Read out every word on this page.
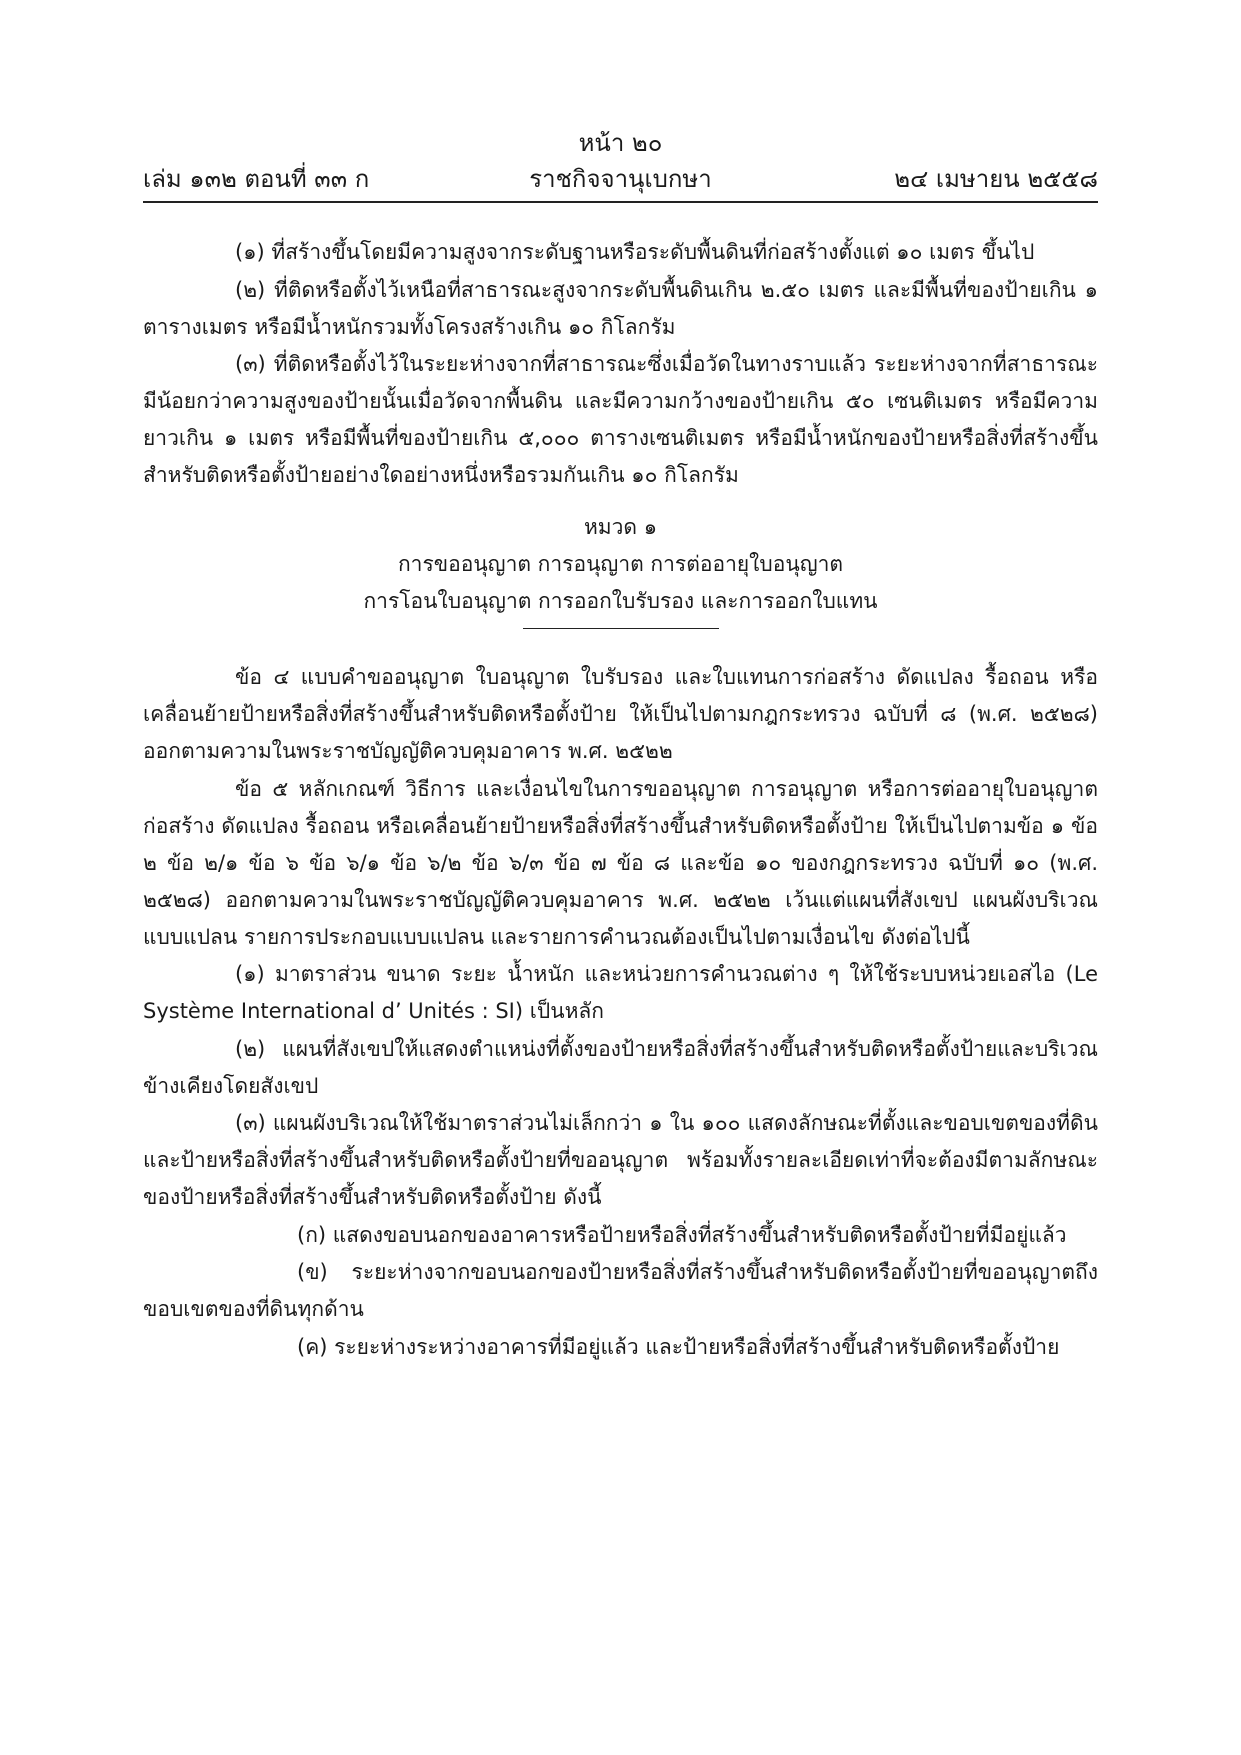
หน้า ๒๐
เล่ม ๑๓๒ ตอนที่ ๓๓ ก	ราชกิจจานุเบกษา	๒๔ เมษายน ๒๕๕๘

(๑) ที่สร้างขึ้นโดยมีความสูงจากระดับฐานหรือระดับพื้นดินที่ก่อสร้างตั้งแต่ ๑๐ เมตร ขึ้นไป

(๒) ที่ติดหรือตั้งไว้เหนือที่สาธารณะสูงจากระดับพื้นดินเกิน ๒.๕๐ เมตร และมีพื้นที่ของป้ายเกิน ๑ ตารางเมตร หรือมีน้ำหนักรวมทั้งโครงสร้างเกิน ๑๐ กิโลกรัม

(๓) ที่ติดหรือตั้งไว้ในระยะห่างจากที่สาธารณะซึ่งเมื่อวัดในทางราบแล้ว ระยะห่างจากที่สาธารณะมีน้อยกว่าความสูงของป้ายนั้นเมื่อวัดจากพื้นดิน และมีความกว้างของป้ายเกิน ๕๐ เซนติเมตร หรือมีความยาวเกิน ๑ เมตร หรือมีพื้นที่ของป้ายเกิน ๕,๐๐๐ ตารางเซนติเมตร หรือมีน้ำหนักของป้ายหรือสิ่งที่สร้างขึ้นสำหรับติดหรือตั้งป้ายอย่างใดอย่างหนึ่งหรือรวมกันเกิน ๑๐ กิโลกรัม

หมวด ๑

การขออนุญาต การอนุญาต การต่ออายุใบอนุญาต

การโอนใบอนุญาต การออกใบรับรอง และการออกใบแทน

ข้อ ๔ แบบคำขออนุญาต ใบอนุญาต ใบรับรอง และใบแทนการก่อสร้าง ดัดแปลง รื้อถอน หรือเคลื่อนย้ายป้ายหรือสิ่งที่สร้างขึ้นสำหรับติดหรือตั้งป้าย ให้เป็นไปตามกฎกระทรวง ฉบับที่ ๘ (พ.ศ. ๒๕๒๘) ออกตามความในพระราชบัญญัติควบคุมอาคาร พ.ศ. ๒๕๒๒

ข้อ ๕ หลักเกณฑ์ วิธีการ และเงื่อนไขในการขออนุญาต การอนุญาต หรือการต่ออายุใบอนุญาตก่อสร้าง ดัดแปลง รื้อถอน หรือเคลื่อนย้ายป้ายหรือสิ่งที่สร้างขึ้นสำหรับติดหรือตั้งป้าย ให้เป็นไปตามข้อ ๑ ข้อ ๒ ข้อ ๒/๑ ข้อ ๖ ข้อ ๖/๑ ข้อ ๖/๒ ข้อ ๖/๓ ข้อ ๗ ข้อ ๘ และข้อ ๑๐ ของกฎกระทรวง ฉบับที่ ๑๐ (พ.ศ. ๒๕๒๘) ออกตามความในพระราชบัญญัติควบคุมอาคาร พ.ศ. ๒๕๒๒ เว้นแต่แผนที่สังเขป แผนผังบริเวณ แบบแปลน รายการประกอบแบบแปลน และรายการคำนวณต้องเป็นไปตามเงื่อนไข ดังต่อไปนี้

(๑) มาตราส่วน ขนาด ระยะ น้ำหนัก และหน่วยการคำนวณต่าง ๆ ให้ใช้ระบบหน่วยเอสไอ (Le Système International d’ Unités : SI) เป็นหลัก

(๒) แผนที่สังเขปให้แสดงตำแหน่งที่ตั้งของป้ายหรือสิ่งที่สร้างขึ้นสำหรับติดหรือตั้งป้ายและบริเวณข้างเคียงโดยสังเขป

(๓) แผนผังบริเวณให้ใช้มาตราส่วนไม่เล็กกว่า ๑ ใน ๑๐๐ แสดงลักษณะที่ตั้งและขอบเขตของที่ดิน และป้ายหรือสิ่งที่สร้างขึ้นสำหรับติดหรือตั้งป้ายที่ขออนุญาต พร้อมทั้งรายละเอียดเท่าที่จะต้องมีตามลักษณะของป้ายหรือสิ่งที่สร้างขึ้นสำหรับติดหรือตั้งป้าย ดังนี้

(ก) แสดงขอบนอกของอาคารหรือป้ายหรือสิ่งที่สร้างขึ้นสำหรับติดหรือตั้งป้ายที่มีอยู่แล้ว

(ข) ระยะห่างจากขอบนอกของป้ายหรือสิ่งที่สร้างขึ้นสำหรับติดหรือตั้งป้ายที่ขออนุญาตถึงขอบเขตของที่ดินทุกด้าน

(ค) ระยะห่างระหว่างอาคารที่มีอยู่แล้ว และป้ายหรือสิ่งที่สร้างขึ้นสำหรับติดหรือตั้งป้าย
